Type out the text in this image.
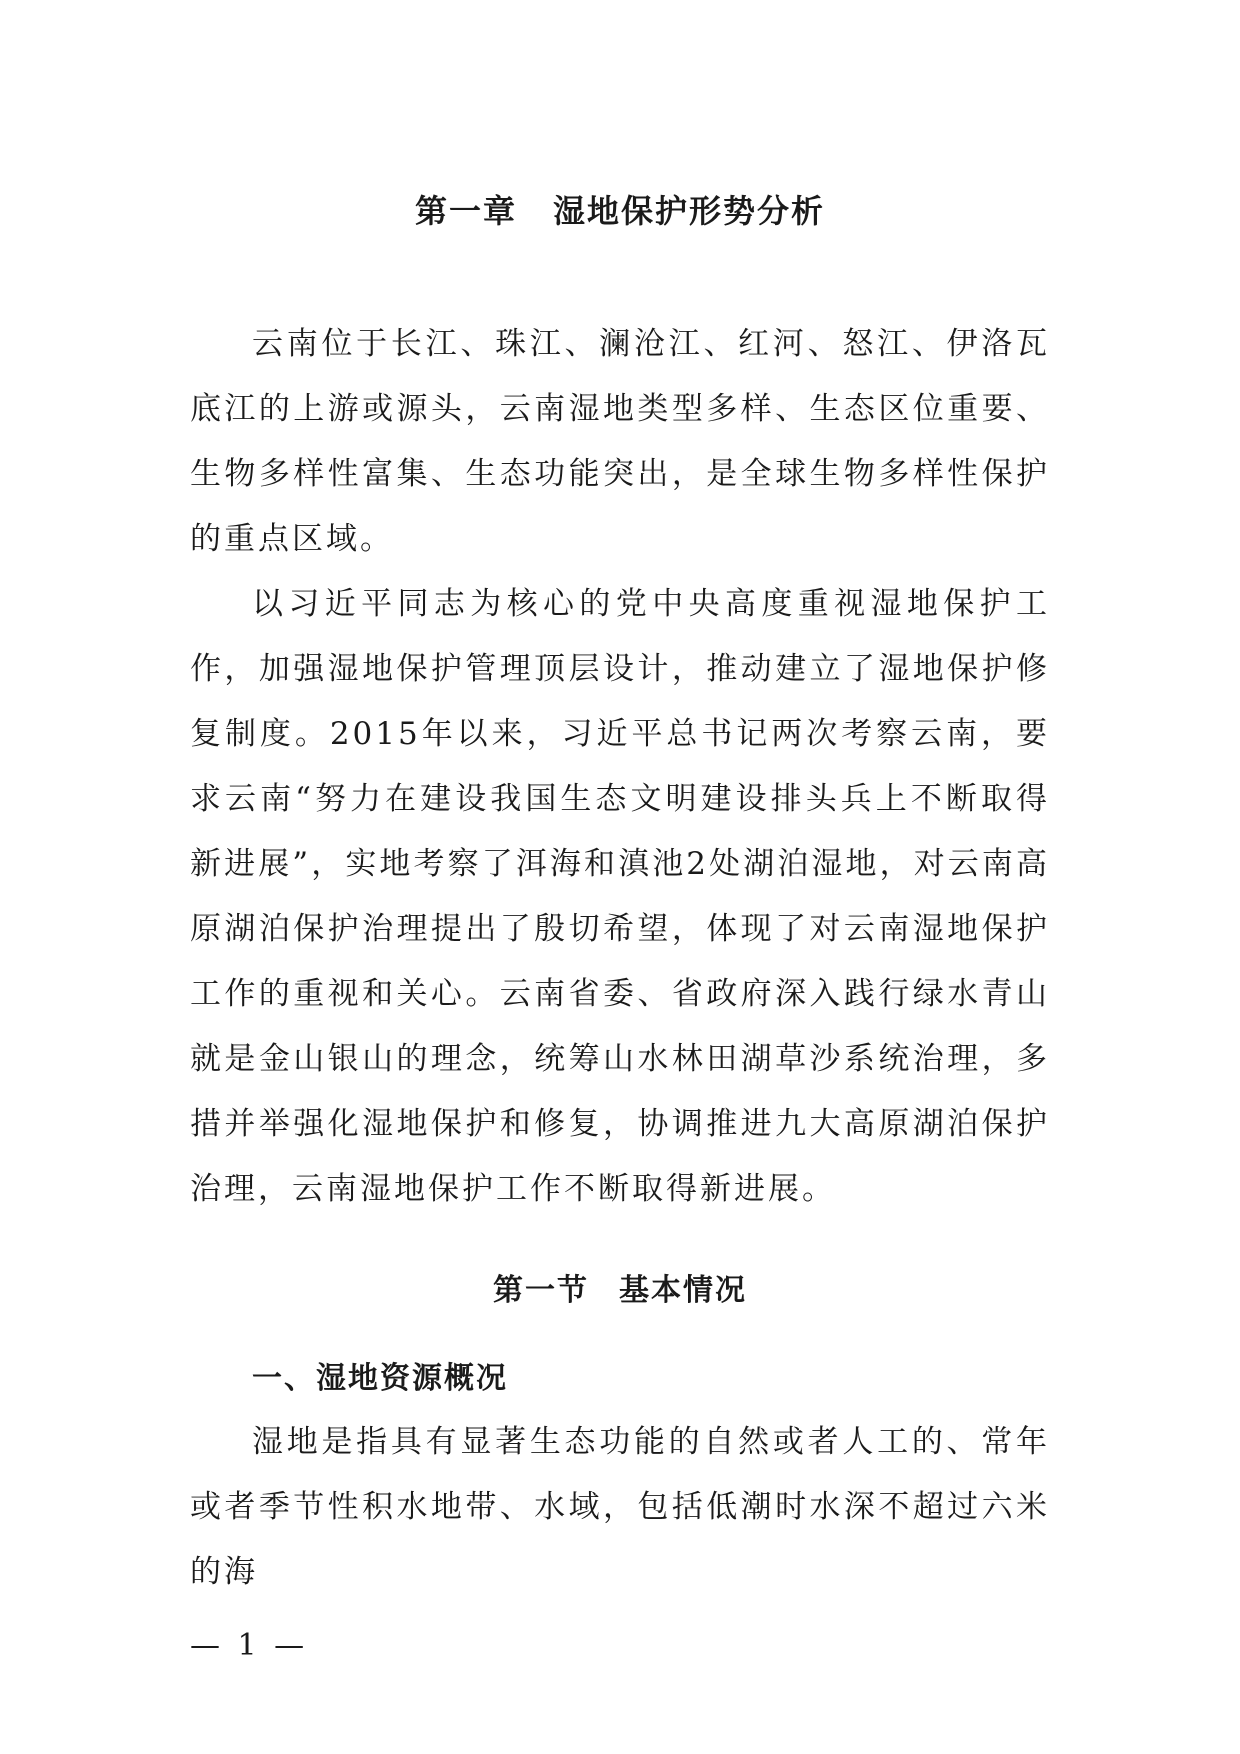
第一章 湿地保护形势分析

云南位于长江、珠江、澜沧江、红河、怒江、伊洛瓦底江的上游或源头，云南湿地类型多样、生态区位重要、生物多样性富集、生态功能突出，是全球生物多样性保护的重点区域。

以习近平同志为核心的党中央高度重视湿地保护工作，加强湿地保护管理顶层设计，推动建立了湿地保护修复制度。2015年以来，习近平总书记两次考察云南，要求云南“努力在建设我国生态文明建设排头兵上不断取得新进展”，实地考察了洱海和滇池2处湖泊湿地，对云南高原湖泊保护治理提出了殷切希望，体现了对云南湿地保护工作的重视和关心。云南省委、省政府深入践行绿水青山就是金山银山的理念，统筹山水林田湖草沙系统治理，多措并举强化湿地保护和修复，协调推进九大高原湖泊保护治理，云南湿地保护工作不断取得新进展。

第一节 基本情况
一、湿地资源概况

湿地是指具有显著生态功能的自然或者人工的、常年或者季节性积水地带、水域，包括低潮时水深不超过六米的海

— 1 —
